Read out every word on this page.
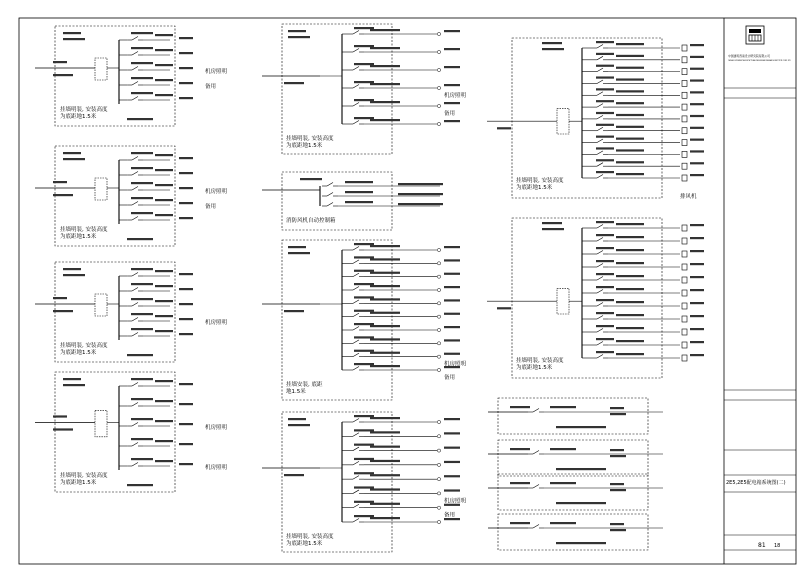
中国建筑西南设计研究院有限公司
CHINA SOUTHWEST ARCHITECTURAL DESIGN AND RESEARCH INSTITUTE CORP. LTD
2E5,2E5配电箱系统图(二)
81 18
机房照明
备用
挂墙明装, 安装高度为底距地1.5米
机房照明
备用
挂墙明装, 安装高度为底距地1.5米
机房照明
挂墙明装, 安装高度为底距地1.5米
机房照明
机房照明
挂墙明装, 安装高度为底距地1.5米
机房照明
备用
挂墙明装, 安装高度为底距地1.5米
消防风机自动控制箱
机房照明
备用
挂墙安装, 底距地1.5米
机房照明
备用
挂墙明装, 安装高度为底距地1.5米
挂墙明装, 安装高度为底距地1.5米
挂墙明装, 安装高度为底距地1.5米
排风机
